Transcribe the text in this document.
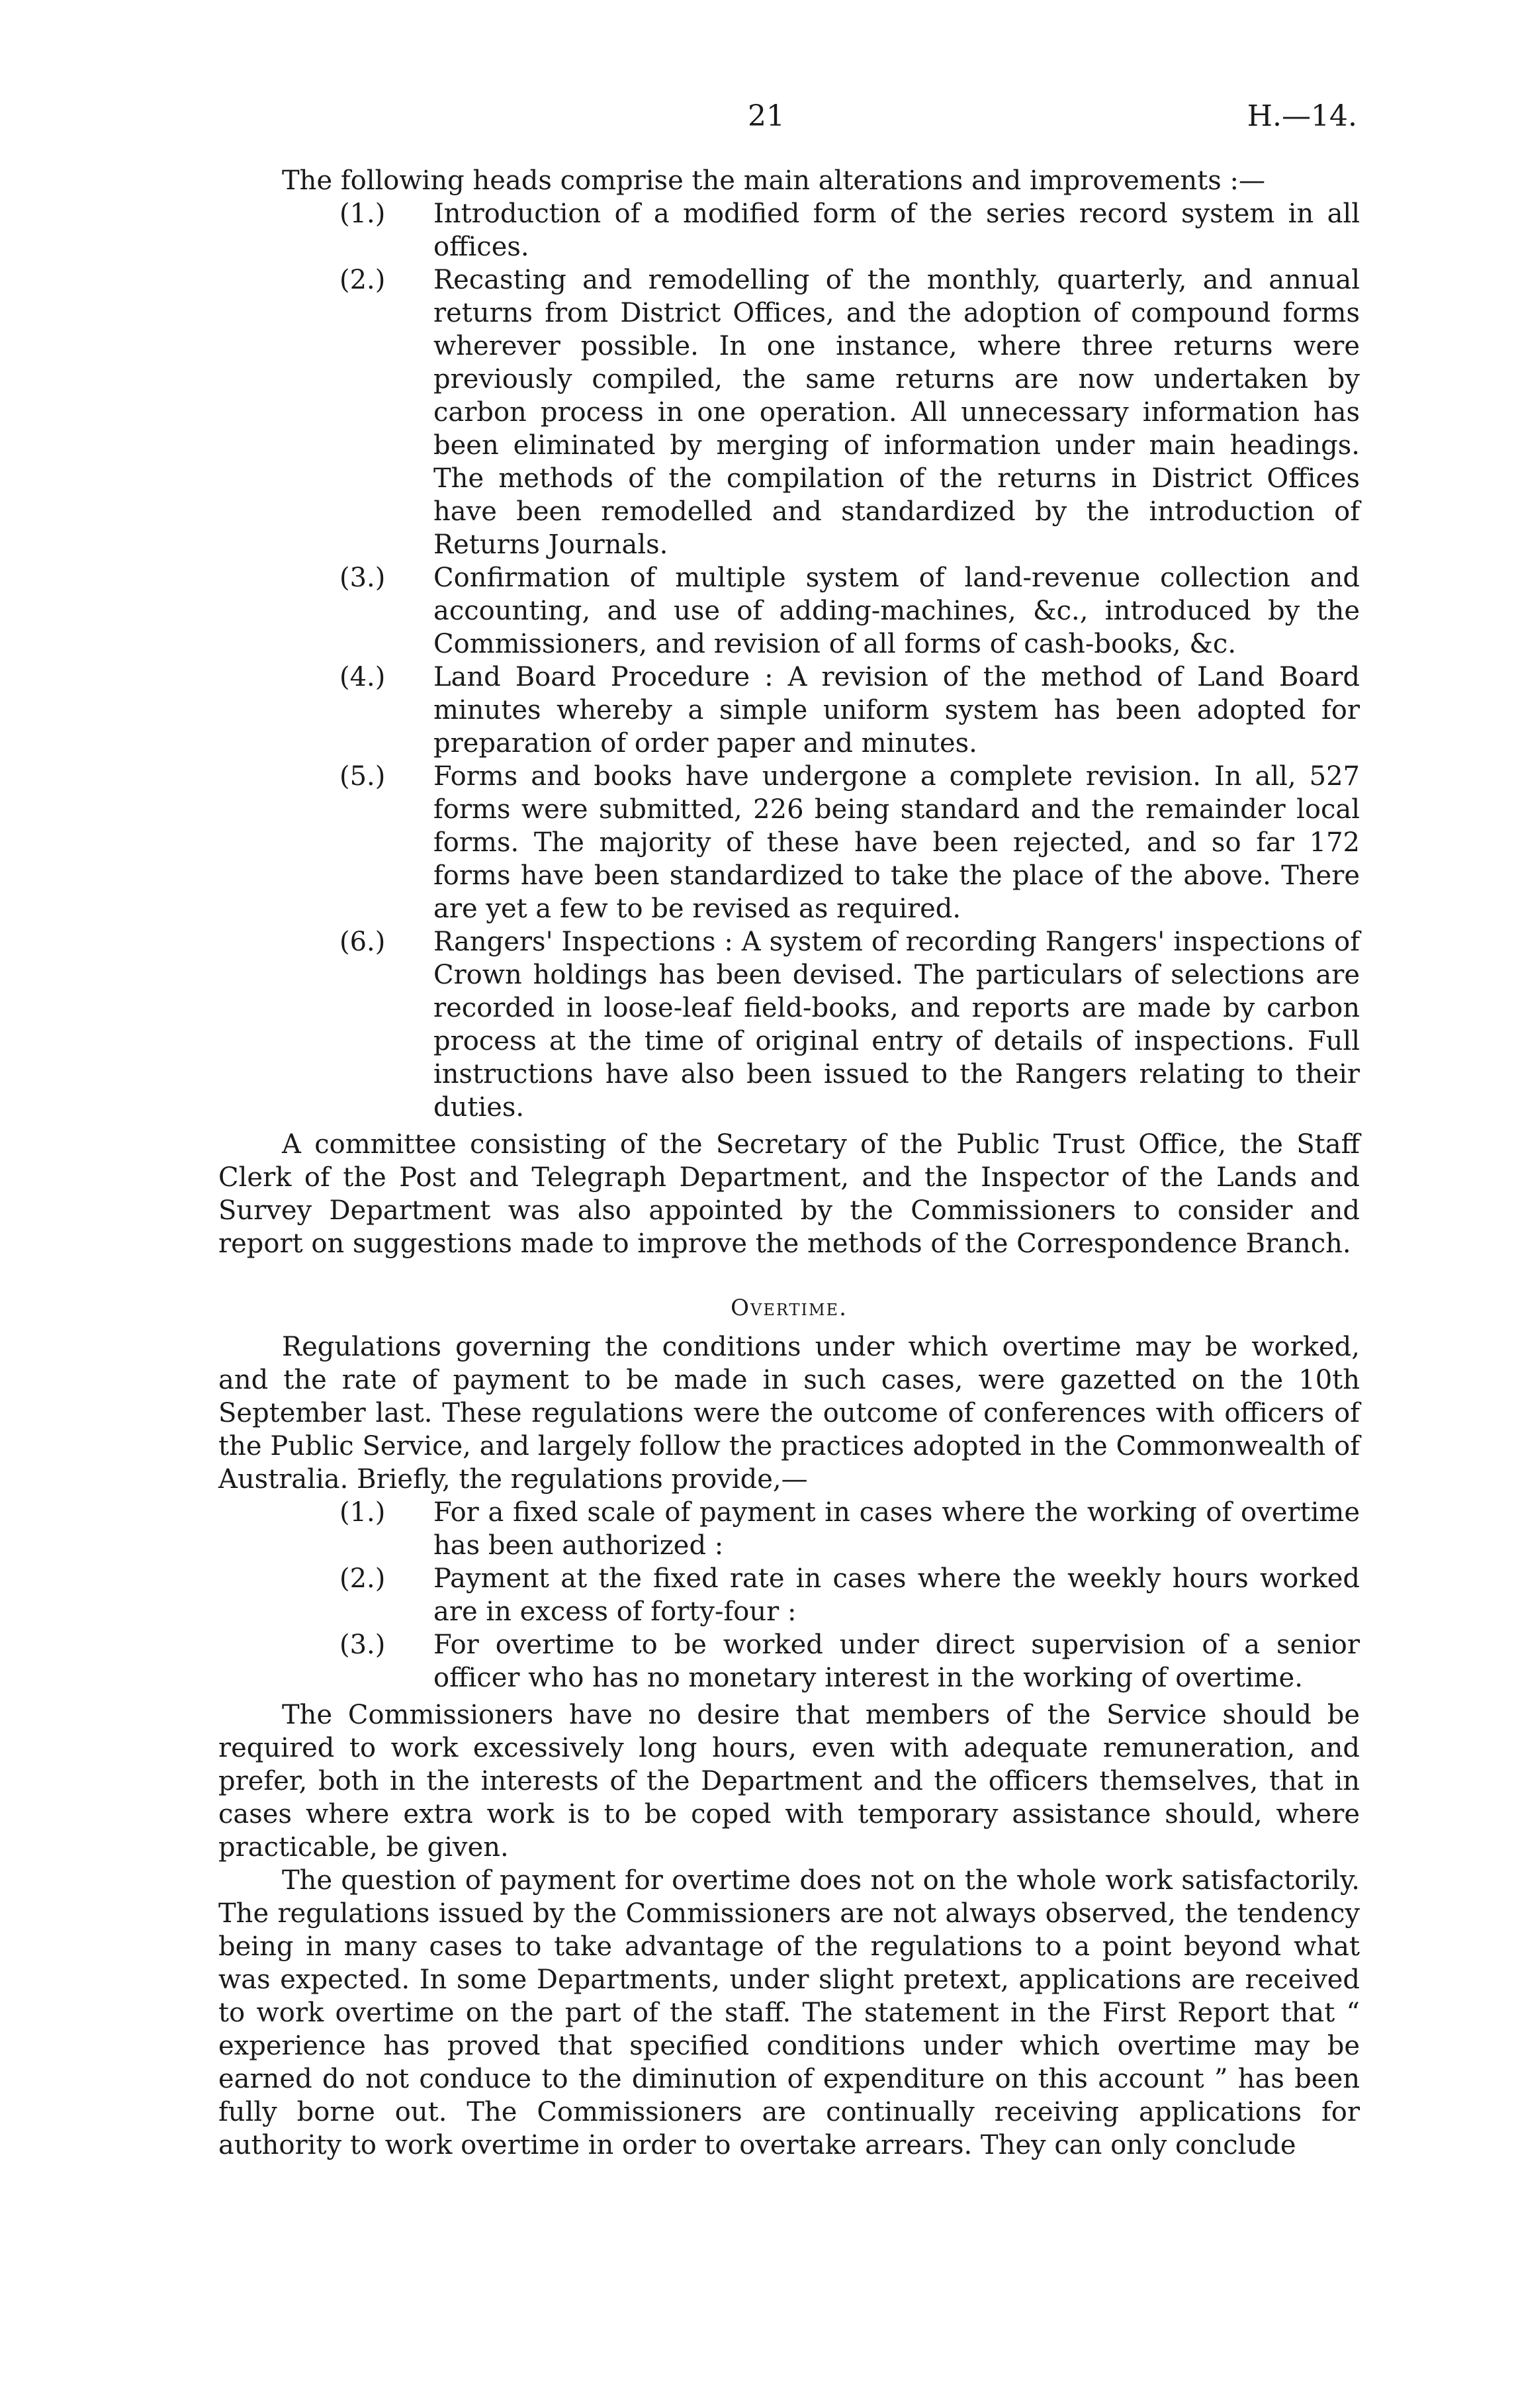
21	H.—14.

The following heads comprise the main alterations and improvements :—

(1.) Introduction of a modified form of the series record system in all offices.
(2.) Recasting and remodelling of the monthly, quarterly, and annual returns from District Offices, and the adoption of compound forms wherever possible. In one instance, where three returns were previously compiled, the same returns are now undertaken by carbon process in one operation. All unnecessary information has been eliminated by merging of information under main headings. The methods of the compilation of the returns in District Offices have been remodelled and standardized by the introduction of Returns Journals.
(3.) Confirmation of multiple system of land-revenue collection and accounting, and use of adding-machines, &c., introduced by the Commissioners, and revision of all forms of cash-books, &c.
(4.) Land Board Procedure : A revision of the method of Land Board minutes whereby a simple uniform system has been adopted for preparation of order paper and minutes.
(5.) Forms and books have undergone a complete revision. In all, 527 forms were submitted, 226 being standard and the remainder local forms. The majority of these have been rejected, and so far 172 forms have been standardized to take the place of the above. There are yet a few to be revised as required.
(6.) Rangers' Inspections : A system of recording Rangers' inspections of Crown holdings has been devised. The particulars of selections are recorded in loose-leaf field-books, and reports are made by carbon process at the time of original entry of details of inspections. Full instructions have also been issued to the Rangers relating to their duties.

A committee consisting of the Secretary of the Public Trust Office, the Staff Clerk of the Post and Telegraph Department, and the Inspector of the Lands and Survey Department was also appointed by the Commissioners to consider and report on suggestions made to improve the methods of the Correspondence Branch.

Overtime.

Regulations governing the conditions under which overtime may be worked, and the rate of payment to be made in such cases, were gazetted on the 10th September last. These regulations were the outcome of conferences with officers of the Public Service, and largely follow the practices adopted in the Commonwealth of Australia. Briefly, the regulations provide,—

(1.) For a fixed scale of payment in cases where the working of overtime has been authorized :
(2.) Payment at the fixed rate in cases where the weekly hours worked are in excess of forty-four :
(3.) For overtime to be worked under direct supervision of a senior officer who has no monetary interest in the working of overtime.

The Commissioners have no desire that members of the Service should be required to work excessively long hours, even with adequate remuneration, and prefer, both in the interests of the Department and the officers themselves, that in cases where extra work is to be coped with temporary assistance should, where practicable, be given.

The question of payment for overtime does not on the whole work satisfactorily. The regulations issued by the Commissioners are not always observed, the tendency being in many cases to take advantage of the regulations to a point beyond what was expected. In some Departments, under slight pretext, applications are received to work overtime on the part of the staff. The statement in the First Report that “ experience has proved that specified conditions under which overtime may be earned do not conduce to the diminution of expenditure on this account ” has been fully borne out. The Commissioners are continually receiving applications for authority to work overtime in order to overtake arrears. They can only conclude
